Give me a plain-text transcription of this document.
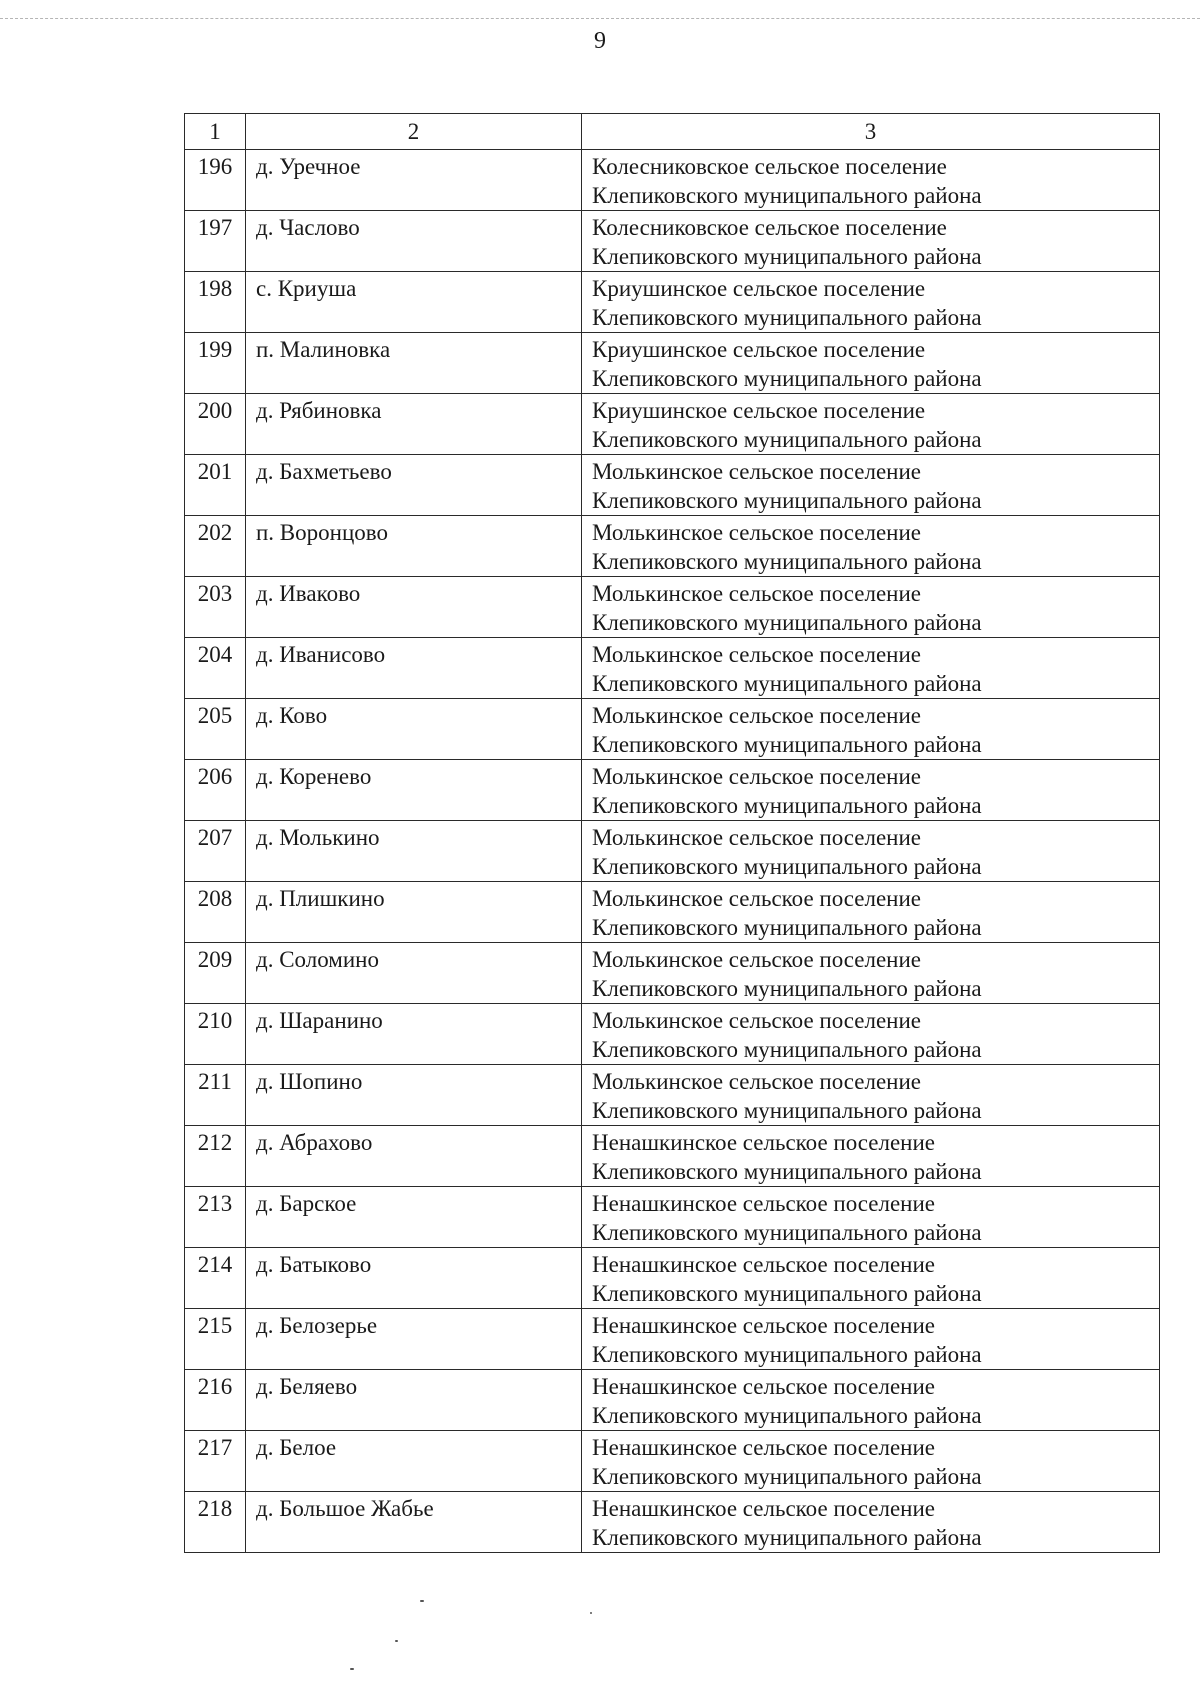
9
1	2	3
196	д. Уречное	Колесниковское сельское поселение
Клепиковского муниципального района

197	д. Часлово	Колесниковское сельское поселение
Клепиковского муниципального района

198	с. Криуша	Криушинское сельское поселение
Клепиковского муниципального района

199	п. Малиновка	Криушинское сельское поселение
Клепиковского муниципального района

200	д. Рябиновка	Криушинское сельское поселение
Клепиковского муниципального района

201	д. Бахметьево	Молькинское сельское поселение
Клепиковского муниципального района

202	п. Воронцово	Молькинское сельское поселение
Клепиковского муниципального района

203	д. Иваково	Молькинское сельское поселение
Клепиковского муниципального района

204	д. Иванисово	Молькинское сельское поселение
Клепиковского муниципального района

205	д. Ково	Молькинское сельское поселение
Клепиковского муниципального района

206	д. Коренево	Молькинское сельское поселение
Клепиковского муниципального района

207	д. Молькино	Молькинское сельское поселение
Клепиковского муниципального района

208	д. Плишкино	Молькинское сельское поселение
Клепиковского муниципального района

209	д. Соломино	Молькинское сельское поселение
Клепиковского муниципального района

210	д. Шаранино	Молькинское сельское поселение
Клепиковского муниципального района

211	д. Шопино	Молькинское сельское поселение
Клепиковского муниципального района

212	д. Абрахово	Ненашкинское сельское поселение
Клепиковского муниципального района

213	д. Барское	Ненашкинское сельское поселение
Клепиковского муниципального района

214	д. Батыково	Ненашкинское сельское поселение
Клепиковского муниципального района

215	д. Белозерье	Ненашкинское сельское поселение
Клепиковского муниципального района

216	д. Беляево	Ненашкинское сельское поселение
Клепиковского муниципального района

217	д. Белое	Ненашкинское сельское поселение
Клепиковского муниципального района

218	д. Большое Жабье	Ненашкинское сельское поселение
Клепиковского муниципального района
